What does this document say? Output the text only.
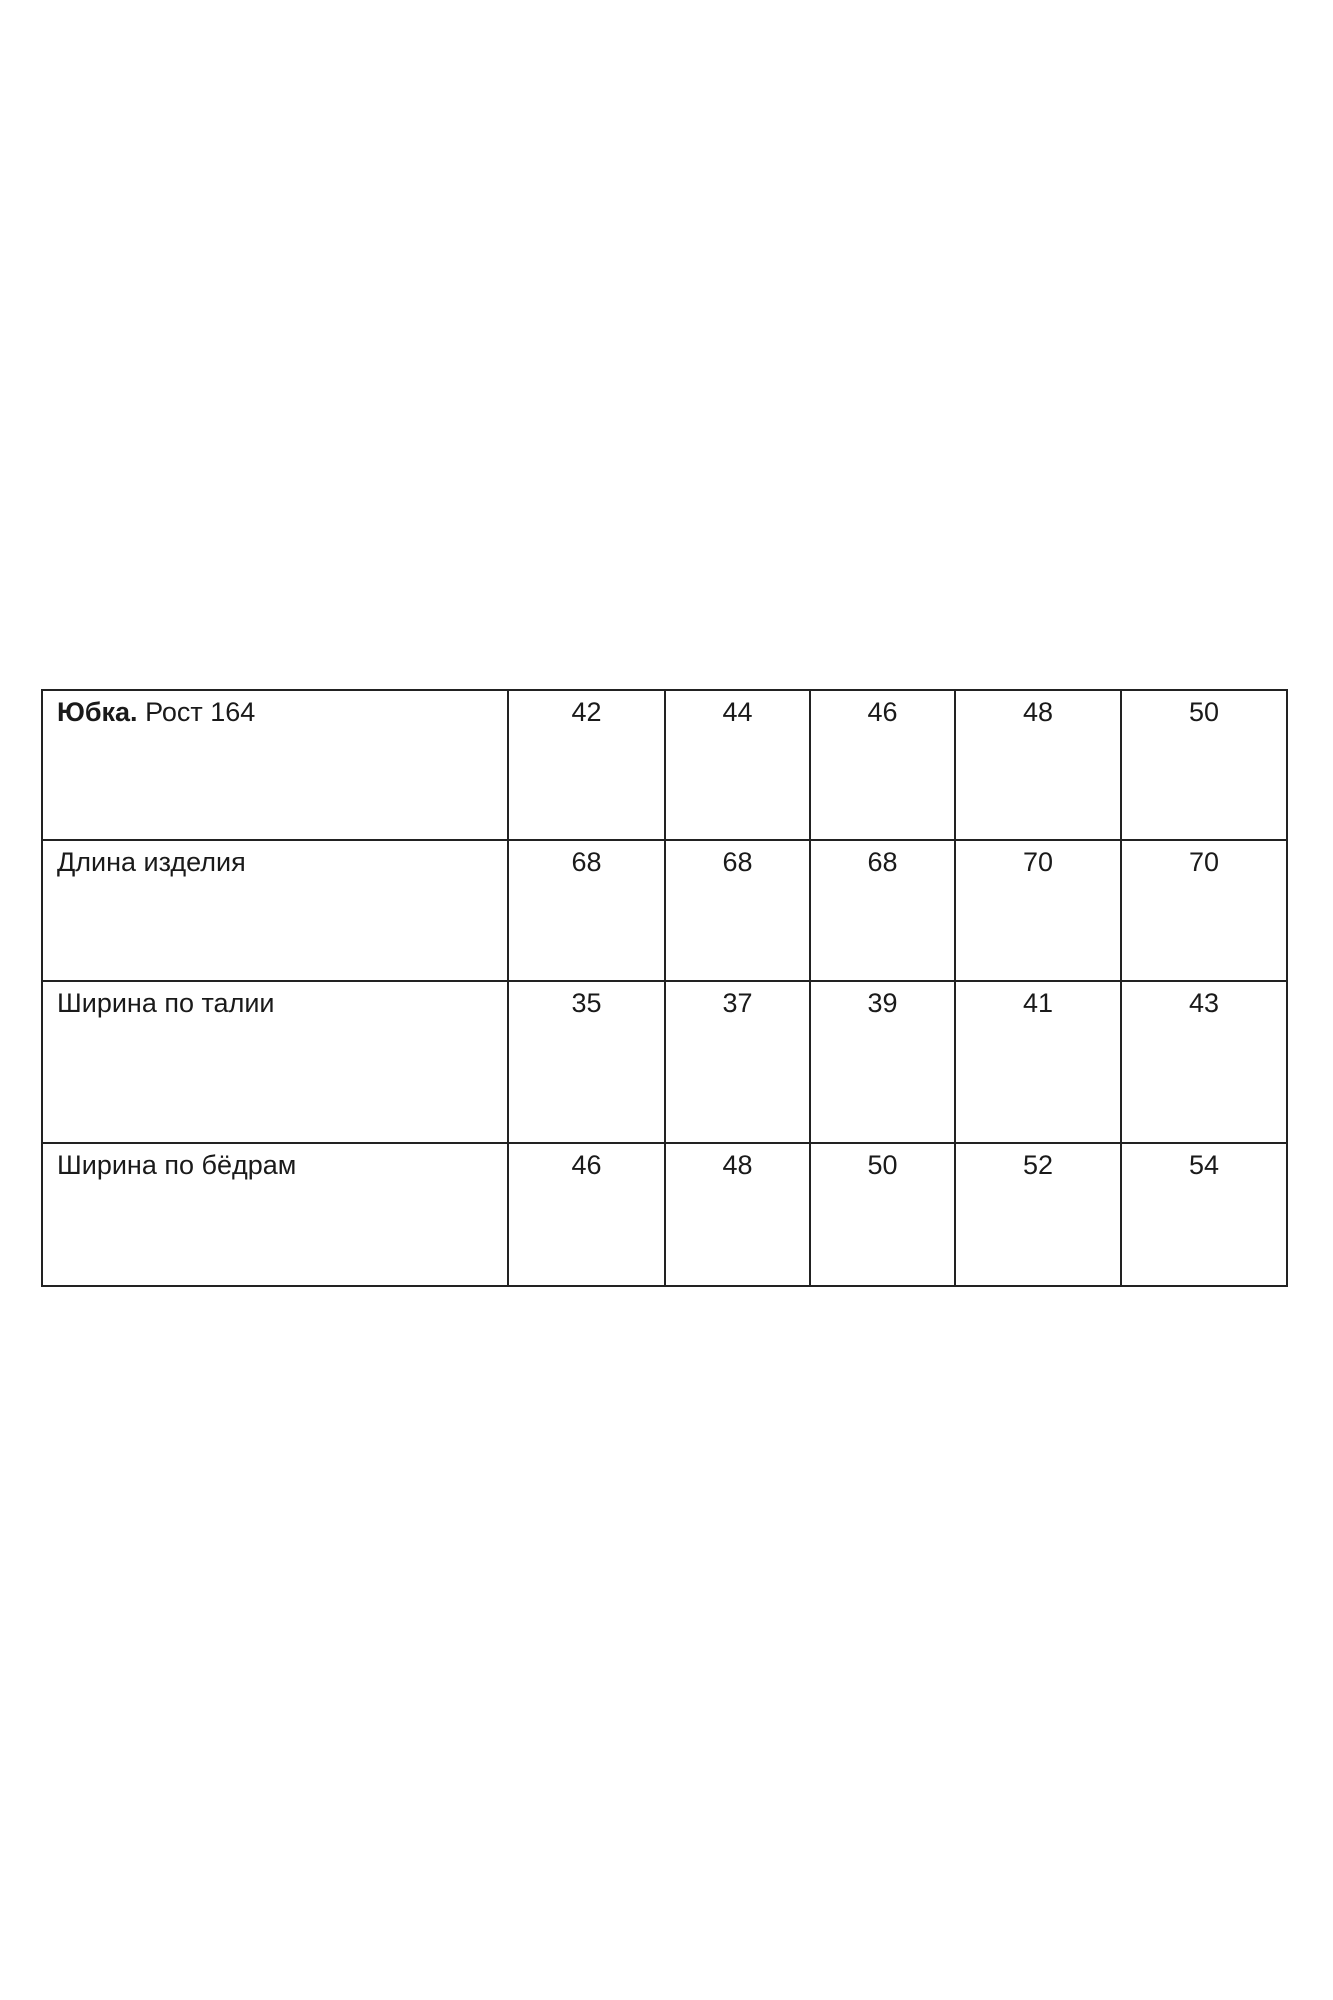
Юбка. Рост 164	42	44	46	48	50

Длина изделия	68	68	68	70	70

Ширина по талии	35	37	39	41	43

Ширина по бёдрам	46	48	50	52	54
